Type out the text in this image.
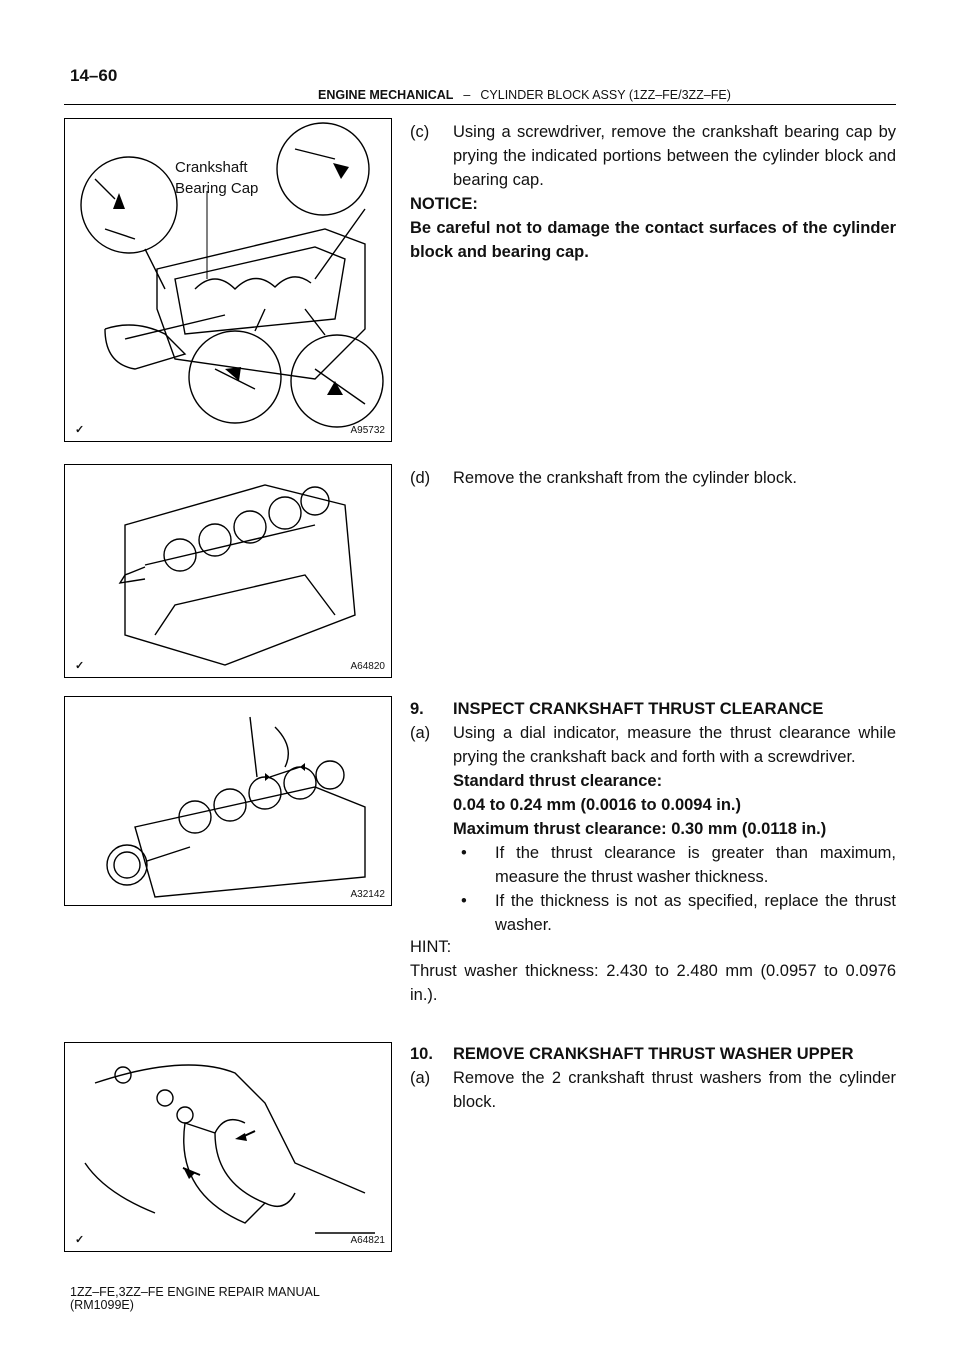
14–60
ENGINE MECHANICAL – CYLINDER BLOCK ASSY (1ZZ–FE/3ZZ–FE)
Crankshaft
Bearing Cap
✓	A95732
✓	A64820
A32142
✓	A64821
(c) Using a screwdriver, remove the crankshaft bearing cap by prying the indicated portions between the cylinder block and bearing cap.
NOTICE:
Be careful not to damage the contact surfaces of the cylinder block and bearing cap.
(d) Remove the crankshaft from the cylinder block.
9. INSPECT CRANKSHAFT THRUST CLEARANCE
(a) Using a dial indicator, measure the thrust clearance while prying the crankshaft back and forth with a screwdriver.
Standard thrust clearance:
0.04 to 0.24 mm (0.0016 to 0.0094 in.)
Maximum thrust clearance: 0.30 mm (0.0118 in.)
• If the thrust clearance is greater than maximum, measure the thrust washer thickness.
• If the thickness is not as specified, replace the thrust washer.
HINT:
Thrust washer thickness: 2.430 to 2.480 mm (0.0957 to 0.0976 in.).
10. REMOVE CRANKSHAFT THRUST WASHER UPPER
(a) Remove the 2 crankshaft thrust washers from the cylinder block.
1ZZ–FE,3ZZ–FE ENGINE REPAIR MANUAL
(RM1099E)
